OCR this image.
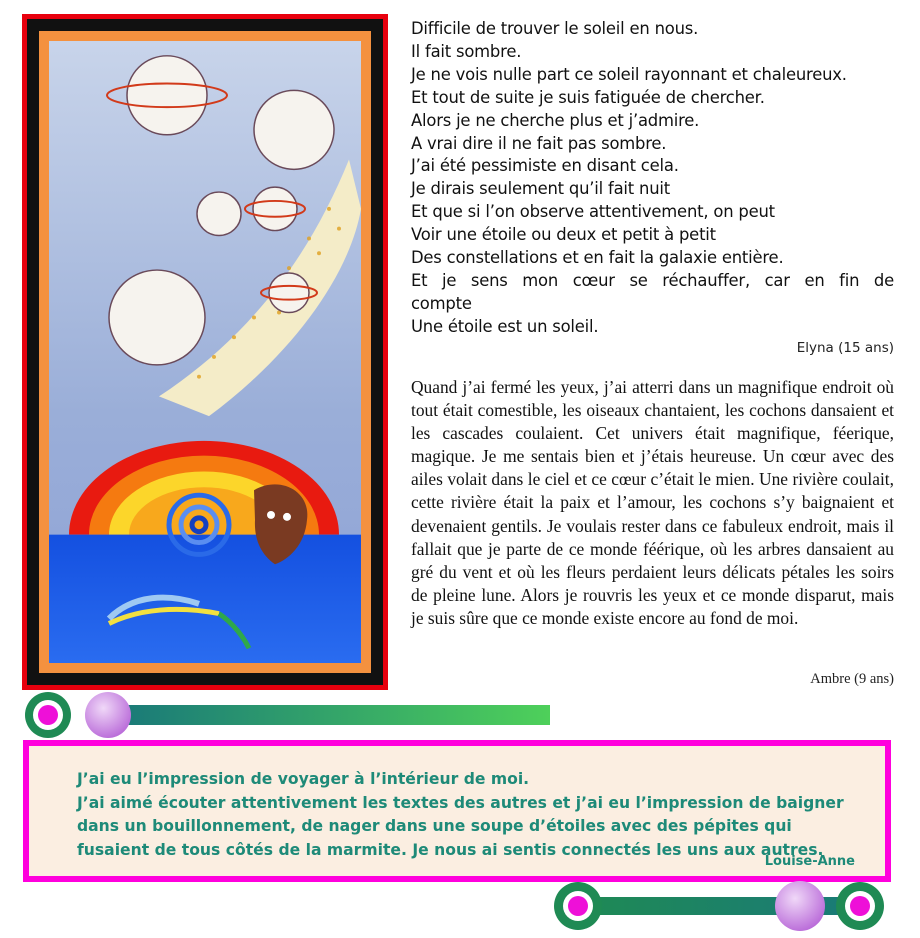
Difficile de trouver le soleil en nous.
Il fait sombre.
Je ne vois nulle part ce soleil rayonnant et chaleureux.
Et tout de suite je suis fatiguée de chercher.
Alors je ne cherche plus et j’admire.
A vrai dire il ne fait pas sombre.
J’ai été pessimiste en disant cela.
Je dirais seulement qu’il fait nuit
Et que si l’on observe attentivement, on peut
Voir une étoile ou deux et petit à petit
Des constellations et en fait la galaxie entière.
Et je sens mon cœur se réchauffer, car en fin de
compte
Une étoile est un soleil.
Elyna (15 ans)
Quand j’ai fermé les yeux, j’ai atterri dans un magnifique endroit où tout était comestible, les oiseaux chantaient, les cochons dansaient et les cascades coulaient. Cet univers était magnifique, féerique, magique. Je me sentais bien et j’étais heureuse. Un cœur avec des ailes volait dans le ciel et ce cœur c’était le mien. Une rivière coulait, cette rivière était la paix et l’amour, les cochons s’y baignaient et devenaient gentils. Je voulais rester dans ce fabuleux endroit, mais il fallait que je parte de ce monde féérique, où les arbres dansaient au gré du vent et où les fleurs perdaient leurs délicats pétales les soirs de pleine lune. Alors je rouvris les yeux et ce monde disparut, mais je suis sûre que ce monde existe encore au fond de moi.
Ambre (9 ans)
J’ai eu l’impression de voyager à l’intérieur de moi.
J’ai aimé écouter attentivement les textes des autres et j’ai eu l’impression de baigner dans un bouillonnement, de nager dans une soupe d’étoiles avec des pépites qui fusaient de tous côtés de la marmite. Je nous ai sentis connectés les uns aux autres.
Louise-Anne
